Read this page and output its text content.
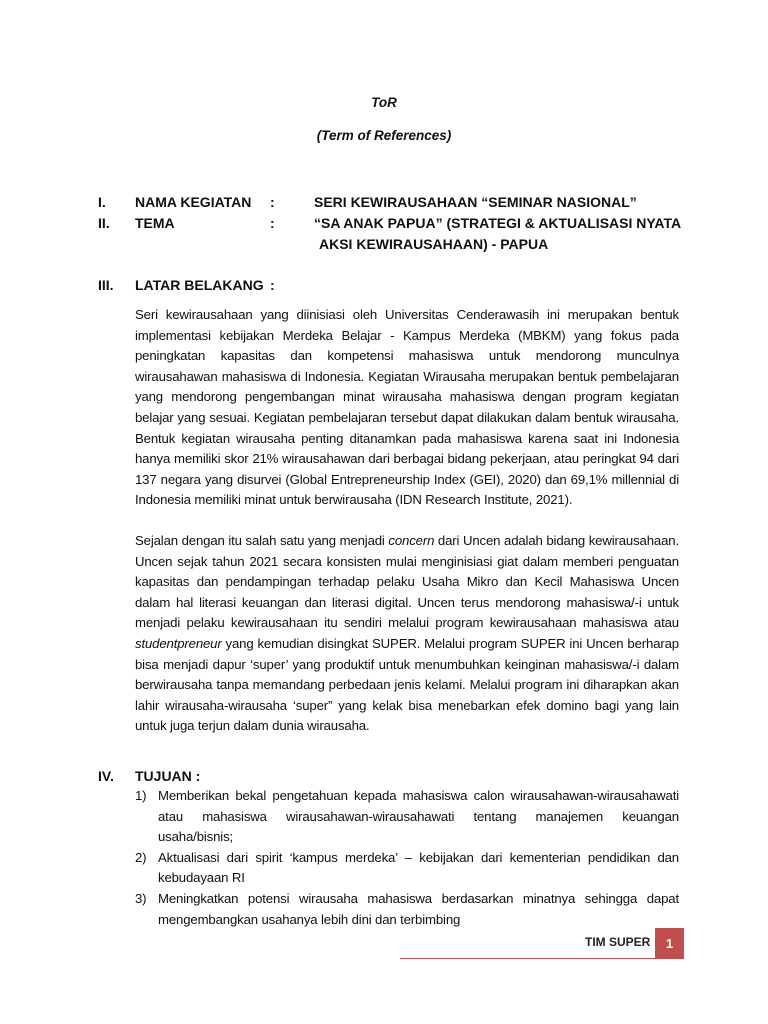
ToR
(Term of References)
I. NAMA KEGIATAN :	SERI KEWIRAUSAHAAN “SEMINAR NASIONAL”
II. TEMA	:	“SA ANAK PAPUA” (STRATEGI & AKTUALISASI NYATA
AKSI KEWIRAUSAHAAN) - PAPUA
III. LATAR BELAKANG :

Seri kewirausahaan yang diinisiasi oleh Universitas Cenderawasih ini merupakan bentuk implementasi kebijakan Merdeka Belajar - Kampus Merdeka (MBKM) yang fokus pada peningkatan kapasitas dan kompetensi mahasiswa untuk mendorong munculnya wirausahawan mahasiswa di Indonesia. Kegiatan Wirausaha merupakan bentuk pembelajaran yang mendorong pengembangan minat wirausaha mahasiswa dengan program kegiatan belajar yang sesuai. Kegiatan pembelajaran tersebut dapat dilakukan dalam bentuk wirausaha. Bentuk kegiatan wirausaha penting ditanamkan pada mahasiswa karena saat ini Indonesia hanya memiliki skor 21% wirausahawan dari berbagai bidang pekerjaan, atau peringkat 94 dari 137 negara yang disurvei (Global Entrepreneurship Index (GEI), 2020) dan 69,1% millennial di Indonesia memiliki minat untuk berwirausaha (IDN Research Institute, 2021).

Sejalan dengan itu salah satu yang menjadi concern dari Uncen adalah bidang kewirausahaan. Uncen sejak tahun 2021 secara konsisten mulai menginisiasi giat dalam memberi penguatan kapasitas dan pendampingan terhadap pelaku Usaha Mikro dan Kecil Mahasiswa Uncen dalam hal literasi keuangan dan literasi digital. Uncen terus mendorong mahasiswa/-i untuk menjadi pelaku kewirausahaan itu sendiri melalui program kewirausahaan mahasiswa atau studentpreneur yang kemudian disingkat SUPER. Melalui program SUPER ini Uncen berharap bisa menjadi dapur ‘super’ yang produktif untuk menumbuhkan keinginan mahasiswa/-i dalam berwirausaha tanpa memandang perbedaan jenis kelami. Melalui program ini diharapkan akan lahir wirausaha-wirausaha ‘super” yang kelak bisa menebarkan efek domino bagi yang lain untuk juga terjun dalam dunia wirausaha.

IV. TUJUAN :
1) Memberikan bekal pengetahuan kepada mahasiswa calon wirausahawan-wirausahawati atau mahasiswa wirausahawan-wirausahawati tentang manajemen keuangan usaha/bisnis;
2) Aktualisasi dari spirit ‘kampus merdeka’ – kebijakan dari kementerian pendidikan dan kebudayaan RI
3) Meningkatkan potensi wirausaha mahasiswa berdasarkan minatnya sehingga dapat mengembangkan usahanya lebih dini dan terbimbing
TIM SUPER	1
